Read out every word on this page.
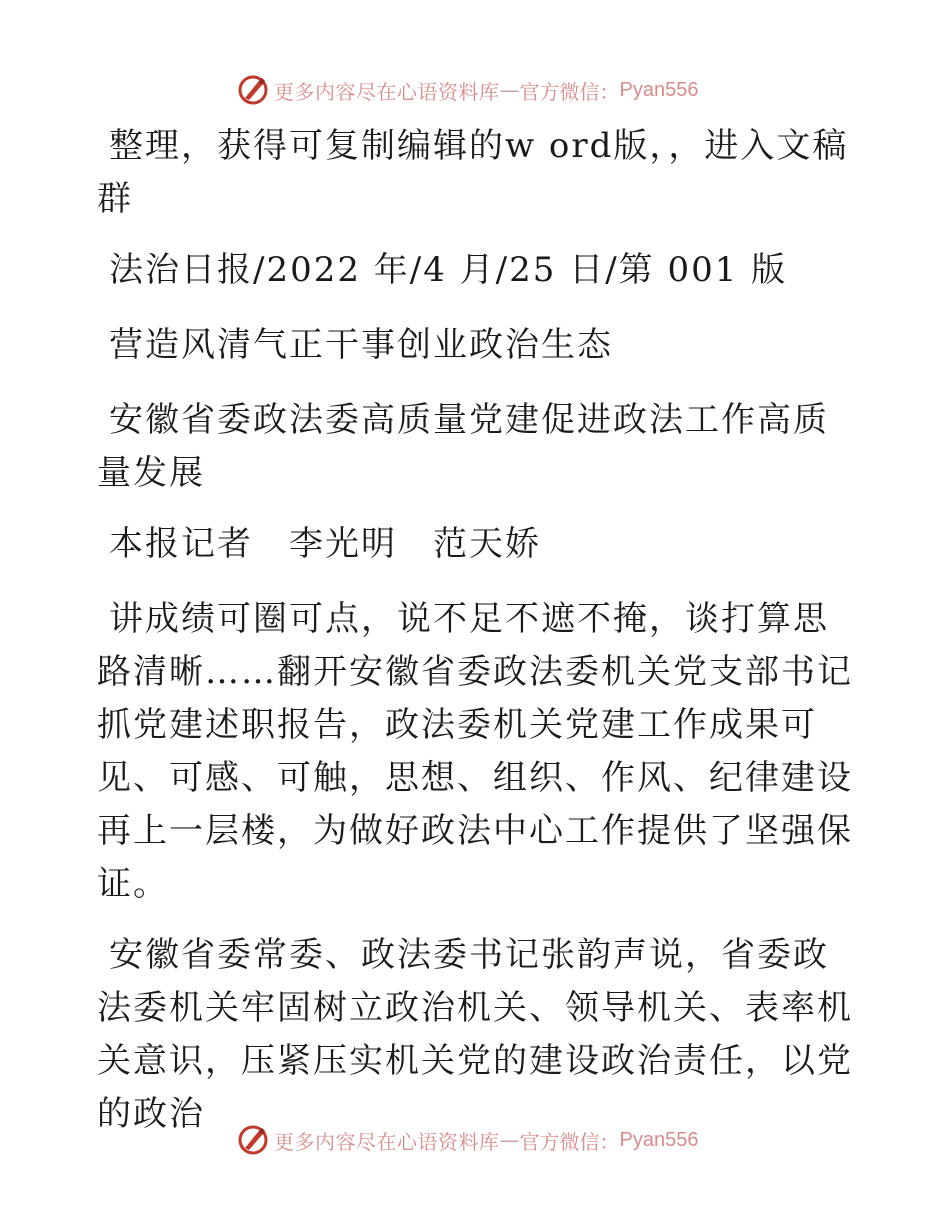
更多内容尽在心语资料库 — 官方微信： Pyan556

整理，获得可复制编辑的w ord版，，进入文稿群

法治日报/2022 年/4 月/25 日/第 001 版

营造风清气正干事创业政治生态

安徽省委政法委高质量党建促进政法工作高质量发展

本报记者　李光明　范天娇

讲成绩可圈可点，说不足不遮不掩，谈打算思路清晰……翻开安徽省委政法委机关党支部书记抓党建述职报告，政法委机关党建工作成果可见、可感、可触，思想、组织、作风、纪律建设再上一层楼，为做好政法中心工作提供了坚强保证。

安徽省委常委、政法委书记张韵声说，省委政法委机关牢固树立政治机关、领导机关、表率机关意识，压紧压实机关党的建设政治责任，以党的政治

更多内容尽在心语资料库 — 官方微信： Pyan556
